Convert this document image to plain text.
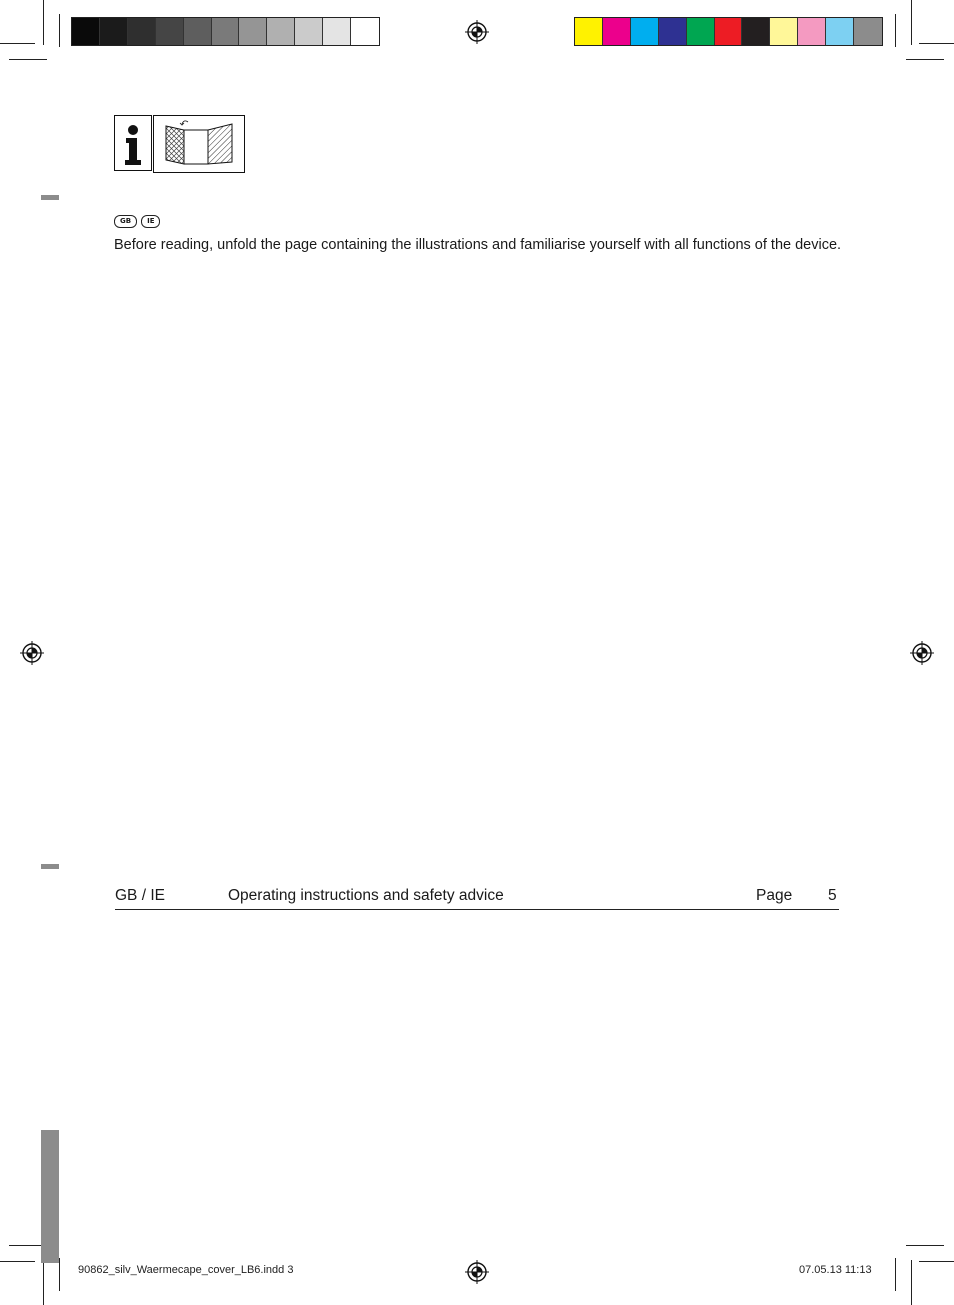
GB	IE

Before reading, unfold the page containing the illustrations and familiarise yourself with all functions of the device.

GB / IE	Operating instructions and safety advice	Page 5
90862_silv_Waermecape_cover_LB6.indd 3	07.05.13 11:13
